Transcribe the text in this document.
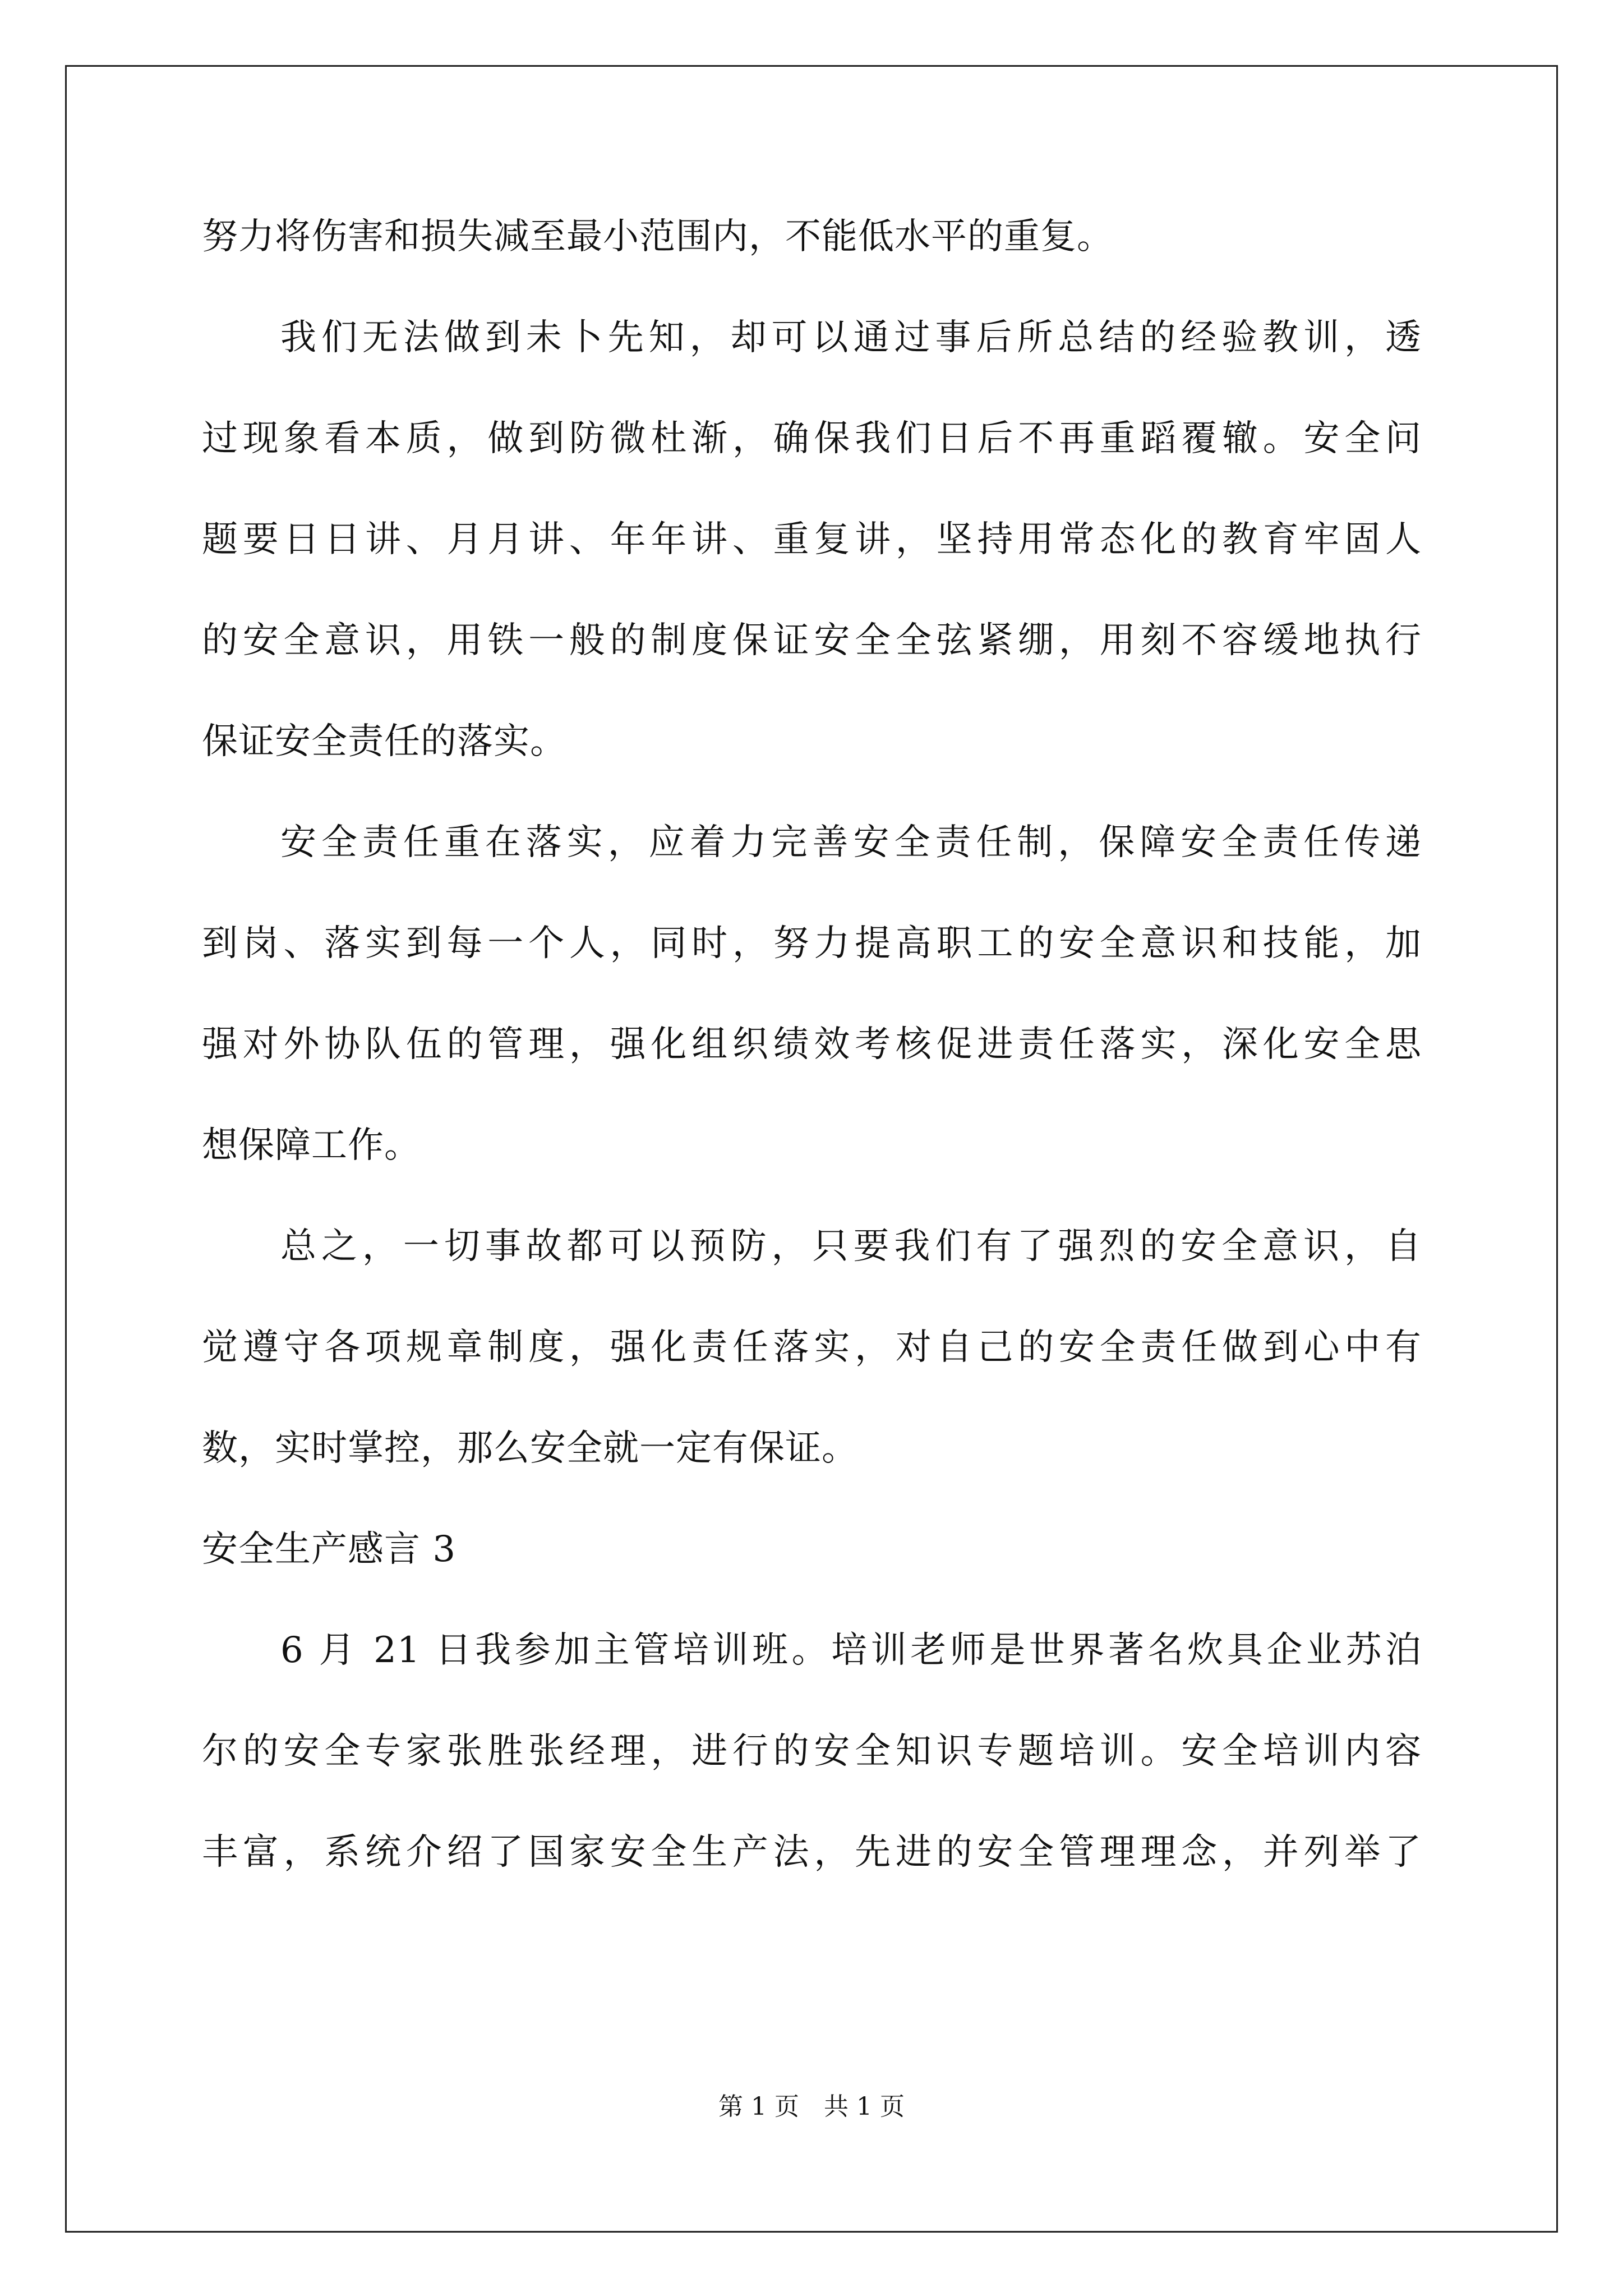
努力将伤害和损失减至最小范围内，不能低水平的重复。
我们无法做到未卜先知，却可以通过事后所总结的经验教训，透
过现象看本质，做到防微杜渐，确保我们日后不再重蹈覆辙。安全问
题要日日讲、月月讲、年年讲、重复讲，坚持用常态化的教育牢固人
的安全意识，用铁一般的制度保证安全全弦紧绷，用刻不容缓地执行
保证安全责任的落实。
安全责任重在落实，应着力完善安全责任制，保障安全责任传递
到岗、落实到每一个人，同时，努力提高职工的安全意识和技能，加
强对外协队伍的管理，强化组织绩效考核促进责任落实，深化安全思
想保障工作。
总之，一切事故都可以预防，只要我们有了强烈的安全意识，自
觉遵守各项规章制度，强化责任落实，对自己的安全责任做到心中有
数，实时掌控，那么安全就一定有保证。
安全生产感言 3
6 月 21 日我参加主管培训班。培训老师是世界著名炊具企业苏泊
尔的安全专家张胜张经理，进行的安全知识专题培训。安全培训内容
丰富，系统介绍了国家安全生产法，先进的安全管理理念，并列举了
第 1 页　共 1 页
